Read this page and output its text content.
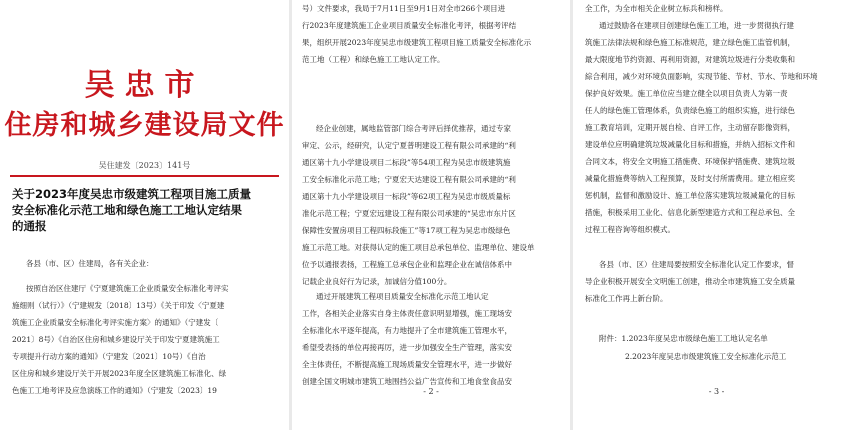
吴忠市
住房和城乡建设局文件
吴住建发〔2023〕141号
关于2023年度吴忠市级建筑工程项目施工质量
安全标准化示范工地和绿色施工工地认定结果
的通报
各县（市、区）住建局，各有关企业：
按照自治区住建厅《宁夏建筑施工企业质量安全标准化考评实
施细则（试行）》（宁建规发〔2018〕13号）《关于印发〈宁夏建
筑施工企业质量安全标准化考评实施方案〉的通知》（宁建发〔
2021〕8号）《自治区住房和城乡建设厅关于印发宁夏建筑施工
专项提升行动方案的通知》（宁建发〔2021〕10号）《自治
区住房和城乡建设厅关于开展2023年度全区建筑施工标准化、绿
色施工工地考评及应急演练工作的通知》（宁建发〔2023〕19
号）文件要求，我局于7月11日至9月1日对全市266个项目进
行2023年度建筑施工企业项目质量安全标准化考评，根据考评结
果，组织开展2023年度吴忠市级建筑工程项目施工质量安全标准化示
范工地（工程）和绿色施工工地认定工作。
经企业创建，属地监管部门综合考评后择优推荐，通过专家
审定、公示，经研究，认定宁夏普明建设工程有限公司承建的“利
通区第十九小学建设项目二标段”等54项工程为吴忠市级建筑施
工安全标准化示范工地；宁夏宏天达建设工程有限公司承建的“利
通区第十九小学建设项目一标段”等62项工程为吴忠市级质量标
准化示范工程；宁夏宏远建设工程有限公司承建的“吴忠市东片区
保障性安置房项目工程四标段施工”等17项工程为吴忠市级绿色
施工示范工地。对获得认定的施工项目总承包单位、监理单位、建设单
位予以通报表扬，工程施工总承包企业和监理企业在诚信体系中
记载企业良好行为记录，加诚信分值100分。
通过开展建筑工程项目质量安全标准化示范工地认定
工作，各相关企业落实自身主体责任意识明显增强，施工现场安
全标准化水平逐年提高，有力地提升了全市建筑施工管理水平，
希望受表扬的单位再接再厉，进一步加强安全生产管理，落实安
全主体责任，不断提高施工现场质量安全管理水平，进一步做好
创建全国文明城市建筑工地围挡公益广告宣传和工地食堂食品安
- 2 -
全工作，为全市相关企业树立标兵和榜样。
通过鼓励各在建项目创建绿色施工工地，进一步贯彻执行建
筑施工法律法规和绿色施工标准规范，建立绿色施工监管机制，
最大限度地节约资源、再利用资源，对建筑垃圾进行分类收集和
綜合利用，减少对环境负面影响，实现节能、节材、节水、节地和环境
保护良好效果。施工单位应当建立健全以项目负责人为第一责
任人的绿色施工管理体系，负责绿色施工的组织实施，进行绿色
施工教育培训，定期开展自检、自评工作，主动留存影像资料，
建设单位应明确建筑垃圾减量化目标和措施，并纳入招标文件和
合同文本，将安全文明施工措施费、环境保护措施费、建筑垃圾
减量化措施费等纳入工程预算，及时支付所需费用。建立相应奖
惩机制，监督和激励设计、施工单位落实建筑垃圾减量化的目标
措施，积极采用工业化、信息化新型建造方式和工程总承包、全
过程工程咨询等组织模式。
各县（市、区）住建局要按照安全标准化认定工作要求，督
导企业积极开展安全文明施工创建，推动全市建筑施工安全质量
标准化工作再上新台阶。
附件：1.2023年度吴忠市级绿色施工工地认定名单
2.2023年度吴忠市级建筑施工安全标准化示范工
- 3 -
